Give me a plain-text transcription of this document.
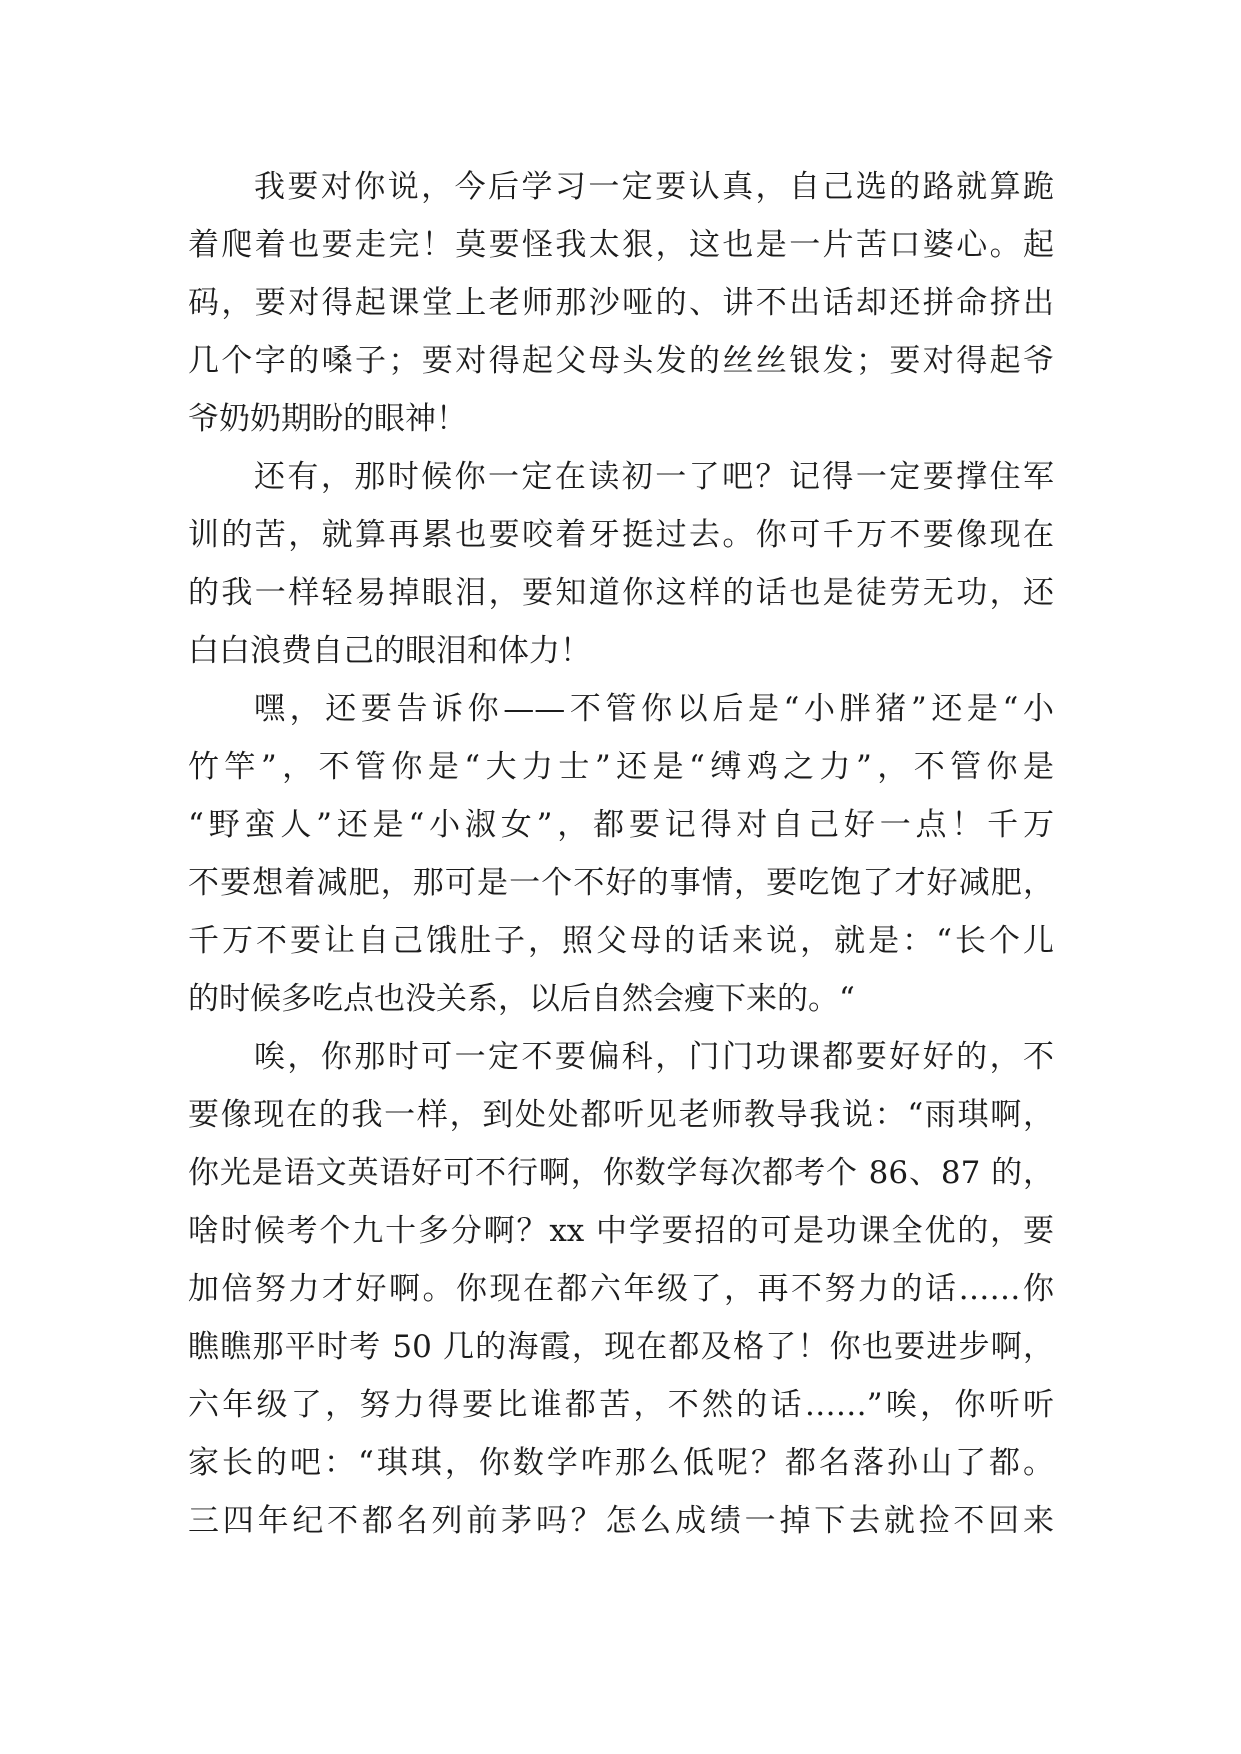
我要对你说，今后学习一定要认真，自己选的路就算跪
着爬着也要走完！莫要怪我太狠，这也是一片苦口婆心。起
码，要对得起课堂上老师那沙哑的、讲不出话却还拼命挤出
几个字的嗓子；要对得起父母头发的丝丝银发；要对得起爷
爷奶奶期盼的眼神！
还有，那时候你一定在读初一了吧？记得一定要撑住军
训的苦，就算再累也要咬着牙挺过去。你可千万不要像现在
的我一样轻易掉眼泪，要知道你这样的话也是徒劳无功，还
白白浪费自己的眼泪和体力！
嘿，还要告诉你——不管你以后是“小胖猪”还是“小
竹竿”，不管你是“大力士”还是“缚鸡之力”，不管你是
“野蛮人”还是“小淑女”，都要记得对自己好一点！千万
不要想着减肥，那可是一个不好的事情，要吃饱了才好减肥，
千万不要让自己饿肚子，照父母的话来说，就是：“长个儿
的时候多吃点也没关系，以后自然会瘦下来的。“
唉，你那时可一定不要偏科，门门功课都要好好的，不
要像现在的我一样，到处处都听见老师教导我说：“雨琪啊，
你光是语文英语好可不行啊，你数学每次都考个 86、87 的，
啥时候考个九十多分啊？xx 中学要招的可是功课全优的，要
加倍努力才好啊。你现在都六年级了，再不努力的话……你
瞧瞧那平时考 50 几的海霞，现在都及格了！你也要进步啊，
六年级了，努力得要比谁都苦，不然的话……”唉，你听听
家长的吧：“琪琪，你数学咋那么低呢？都名落孙山了都。
三四年纪不都名列前茅吗？怎么成绩一掉下去就捡不回来
